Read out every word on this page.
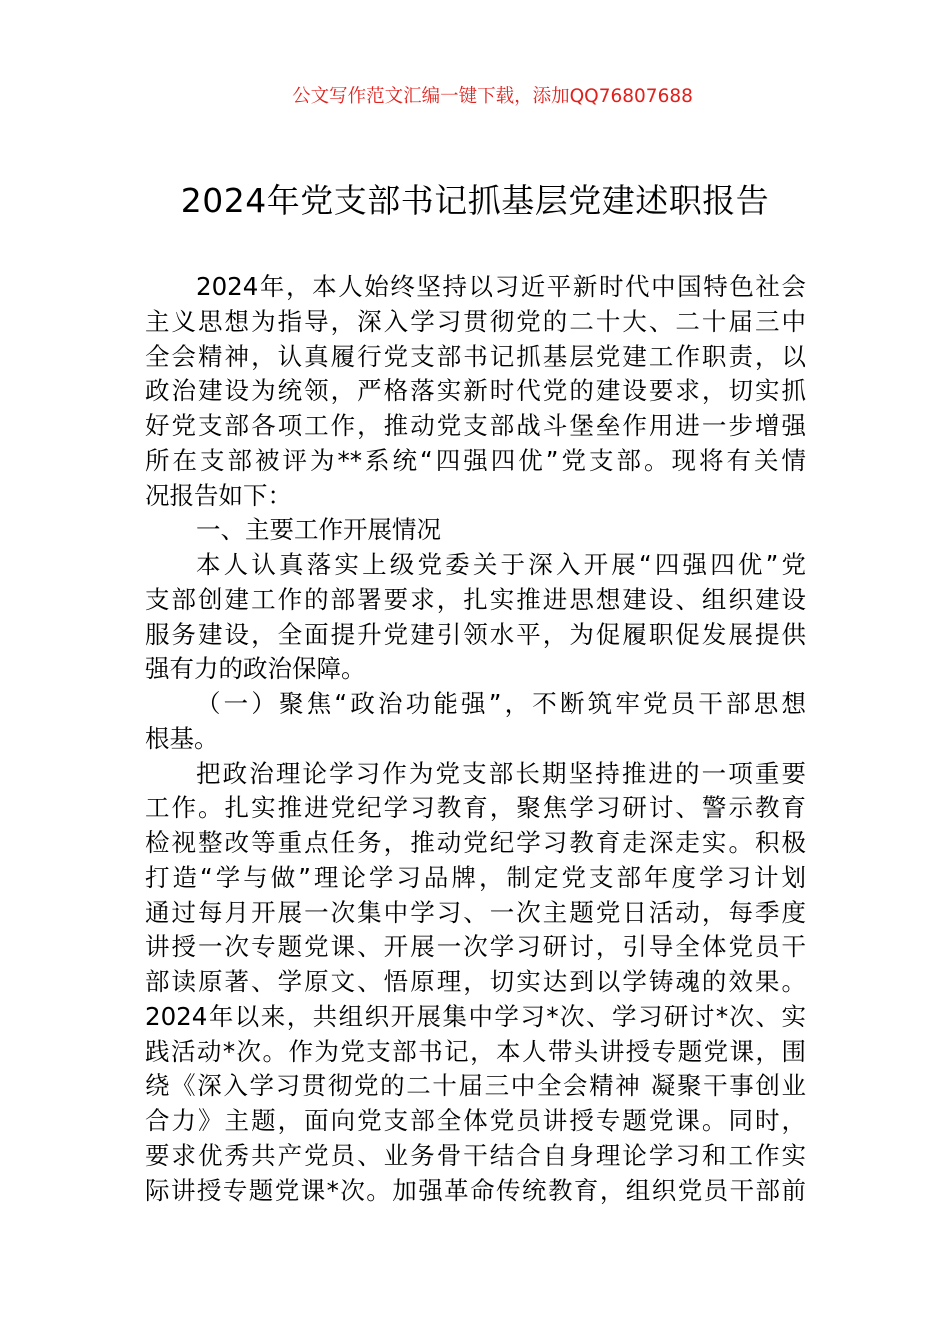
公文写作范文汇编一键下载，添加QQ76807688
2024年党支部书记抓基层党建述职报告
2024年，本人始终坚持以习近平新时代中国特色社会
主义思想为指导，深入学习贯彻党的二十大、二十届三中
全会精神，认真履行党支部书记抓基层党建工作职责，以
政治建设为统领，严格落实新时代党的建设要求，切实抓
好党支部各项工作，推动党支部战斗堡垒作用进一步增强
所在支部被评为**系统“四强四优”党支部。现将有关情
况报告如下：
一、主要工作开展情况
本人认真落实上级党委关于深入开展“四强四优”党
支部创建工作的部署要求，扎实推进思想建设、组织建设
服务建设，全面提升党建引领水平，为促履职促发展提供
强有力的政治保障。
（一）聚焦“政治功能强”，不断筑牢党员干部思想
根基。
把政治理论学习作为党支部长期坚持推进的一项重要
工作。扎实推进党纪学习教育，聚焦学习研讨、警示教育
检视整改等重点任务，推动党纪学习教育走深走实。积极
打造“学与做”理论学习品牌，制定党支部年度学习计划
通过每月开展一次集中学习、一次主题党日活动，每季度
讲授一次专题党课、开展一次学习研讨，引导全体党员干
部读原著、学原文、悟原理，切实达到以学铸魂的效果。
2024年以来，共组织开展集中学习*次、学习研讨*次、实
践活动*次。作为党支部书记，本人带头讲授专题党课，围
绕《深入学习贯彻党的二十届三中全会精神 凝聚干事创业
合力》主题，面向党支部全体党员讲授专题党课。同时，
要求优秀共产党员、业务骨干结合自身理论学习和工作实
际讲授专题党课*次。加强革命传统教育，组织党员干部前
